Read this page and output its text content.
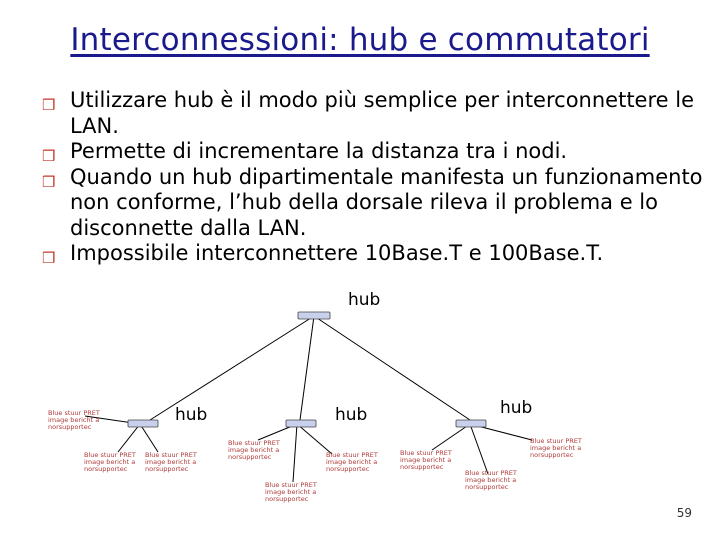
Interconnessioni: hub e commutatori
❒ Utilizzare hub è il modo più semplice per interconnettere le LAN.
❒ Permette di incrementare la distanza tra i nodi.
❒ Quando un hub dipartimentale manifesta un funzionamento non conforme, l’hub della dorsale rileva il problema e lo disconnette dalla LAN.
❒ Impossibile interconnettere 10Base.T e 100Base.T.
hub
hub	hub	hub
Blue stuur PRET image bericht a norsupportec
Blue stuur PRET image bericht a norsupportec
Blue stuur PRET image bericht a norsupportec
Blue stuur PRET image bericht a norsupportec
Blue stuur PRET image bericht a norsupportec
Blue stuur PRET image bericht a norsupportec
Blue stuur PRET image bericht a norsupportec
Blue stuur PRET image bericht a norsupportec
Blue stuur PRET image bericht a norsupportec
59
